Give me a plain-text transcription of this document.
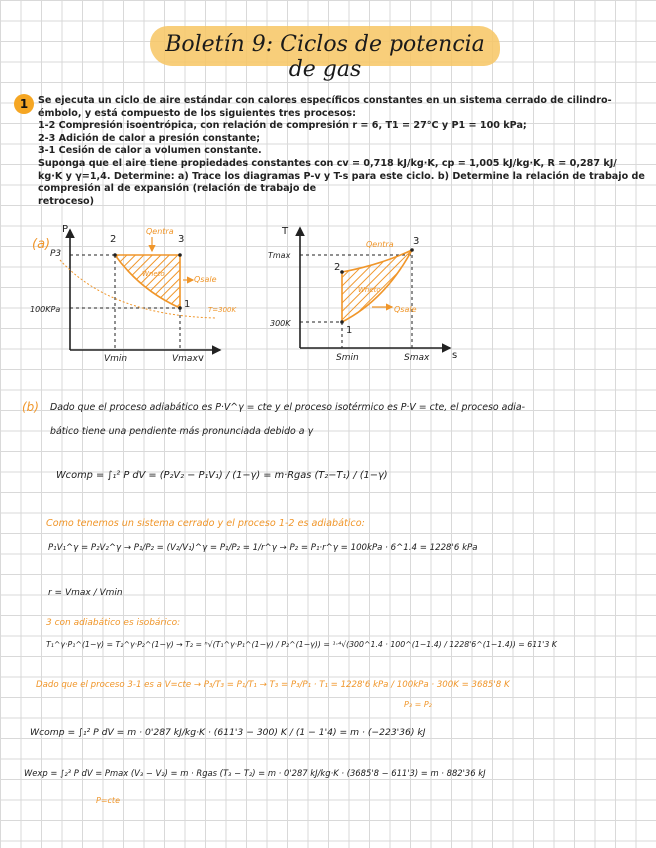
Boletín 9: Ciclos de potencia de gas
1	Se ejecuta un ciclo de aire estándar con calores específicos constantes en un sistema cerrado de cilindro-
émbolo, y está compuesto de los siguientes tres procesos:
1-2 Compresión isoentrópica, con relación de compresión r = 6, T1 = 27°C y P1 = 100 kPa;
2-3 Adición de calor a presión constante;
3-1 Cesión de calor a volumen constante.
Suponga que el aire tiene propiedades constantes con cv = 0,718 kJ/kg·K, cp = 1,005 kJ/kg·K, R = 0,287 kJ/
kg·K y γ=1,4. Determine: a) Trace los diagramas P-v y T-s para este ciclo. b) Determine la relación de trabajo de
compresión al de expansión (relación de trabajo de
retroceso)
(a)
P
P3
100KPa
Vmin	Vmax v
2	3
1
Qentra
Wneto
Qsale
T=300K
T
Tmax
300K
Smin	Smax s
2
3
1
Qentra
Wneto
Qsale
(b) Dado que el proceso adiabático es P·V^γ = cte y el proceso isotérmico es P·V = cte, el proceso adia-
bático tiene una pendiente más pronunciada debido a γ
Wcomp = ∫₁² P dV = (P₂V₂ − P₁V₁) / (1−γ) = m·Rgas (T₂−T₁) / (1−γ)
Como tenemos un sistema cerrado y el proceso 1-2 es adiabático:
P₁V₁^γ = P₂V₂^γ → P₁/P₂ = (V₂/V₁)^γ = P₁/P₂ = 1/r^γ → P₂ = P₁·r^γ = 100kPa · 6^1.4 = 1228'6 kPa
r = Vmax / Vmin
3 con adiabático es isobárico:
T₁^γ·P₁^(1−γ) = T₂^γ·P₂^(1−γ) → T₂ = ⁿ√(T₁^γ·P₁^(1−γ) / P₂^(1−γ)) = ¹·⁴√(300^1.4 · 100^(1−1.4) / 1228'6^(1−1.4)) = 611'3 K
Dado que el proceso 3-1 es a V=cte → P₃/T₃ = P₁/T₁ → T₃ = P₃/P₁ · T₁ = 1228'6 kPa / 100kPa · 300K = 3685'8 K
P₃ = P₂
Wcomp = ∫₁² P dV = m · 0'287 kJ/kg·K · (611'3 − 300) K / (1 − 1'4) = m · (−223'36) kJ
Wexp = ∫₂³ P dV = Pmax (V₃ − V₂) = m · Rgas (T₃ − T₂) = m · 0'287 kJ/kg·K · (3685'8 − 611'3) = m · 882'36 kJ
P=cte
